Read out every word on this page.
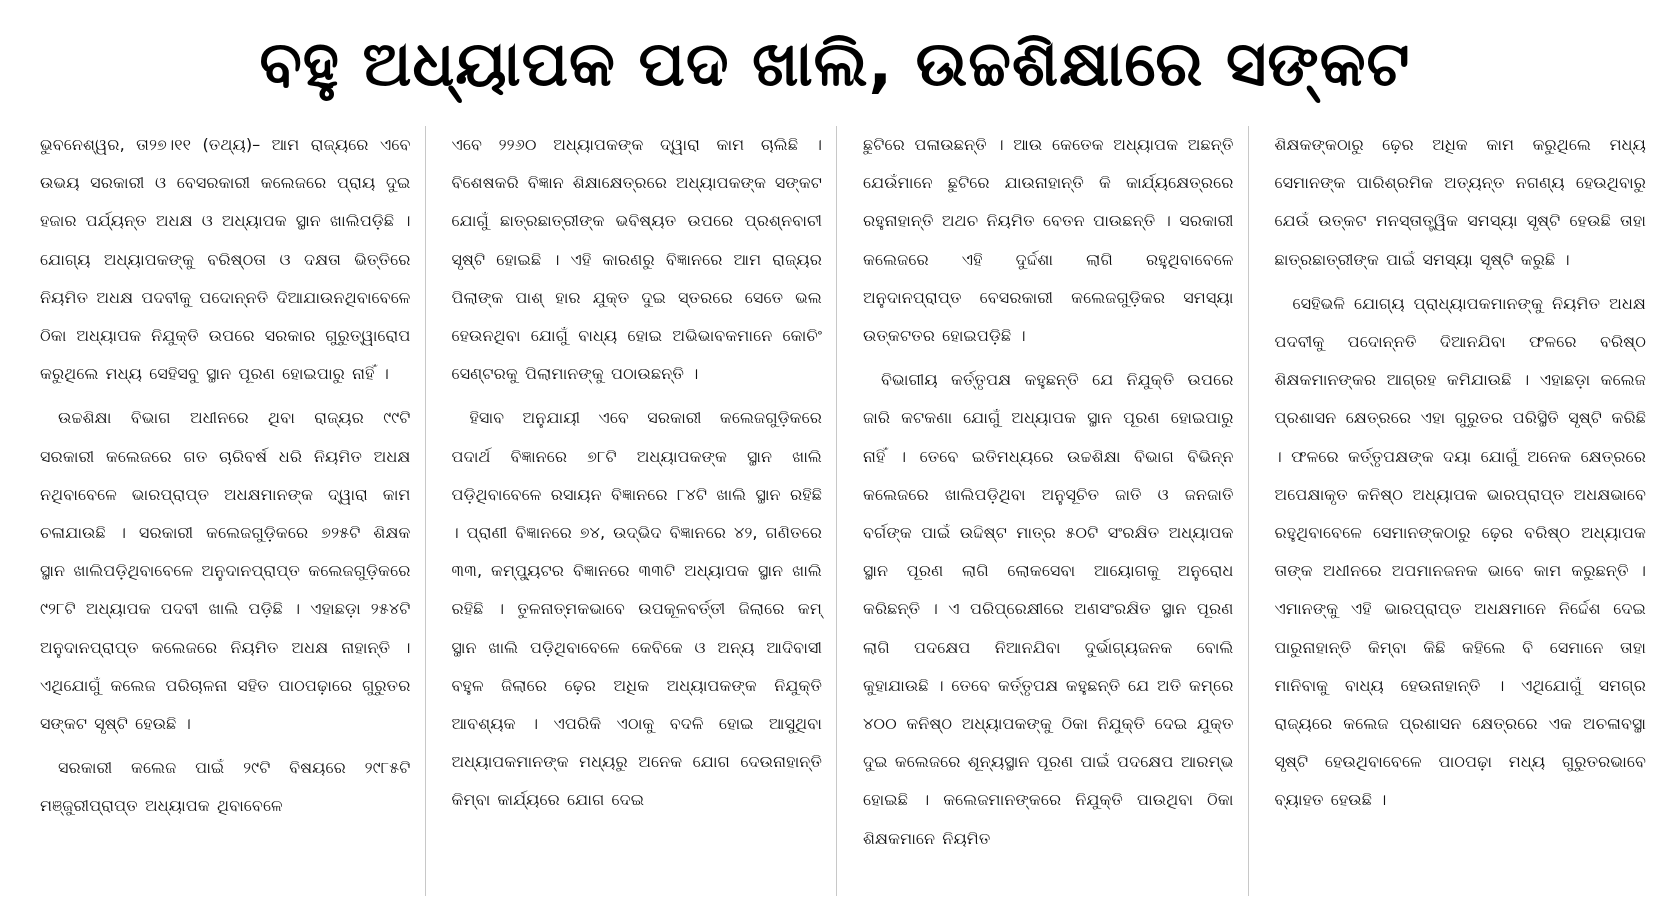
ବହୁ ଅଧ୍ୟାପକ ପଦ ଖାଲି, ଉଚ୍ଚଶିକ୍ଷାରେ ସଙ୍କଟ

ଭୁବନେଶ୍ୱର, ତା୨୭।୧୧ (ତଥ୍ୟ)– ଆମ ରାଜ୍ୟରେ ଏବେ ଉଭୟ ସରକାରୀ ଓ ବେସରକାରୀ କଲେଜରେ ପ୍ରାୟ ଦୁଇ ହଜାର ପର୍ଯ୍ୟନ୍ତ ଅଧକ୍ଷ ଓ ଅଧ୍ୟାପକ ସ୍ଥାନ ଖାଲିପଡ଼ିଛି । ଯୋଗ୍ୟ ଅଧ୍ୟାପକଙ୍କୁ ବରିଷ୍ଠତା ଓ ଦକ୍ଷତା ଭିତ୍ତିରେ ନିୟମିତ ଅଧକ୍ଷ ପଦବୀକୁ ପଦୋନ୍ନତି ଦିଆଯାଉନଥିବାବେଳେ ଠିକା ଅଧ୍ୟାପକ ନିଯୁକ୍ତି ଉପରେ ସରକାର ଗୁରୁତ୍ୱାରୋପ କରୁଥିଲେ ମଧ୍ୟ ସେହିସବୁ ସ୍ଥାନ ପୂରଣ ହୋଇପାରୁ ନାହିଁ ।

ଉଚ୍ଚଶିକ୍ଷା ବିଭାଗ ଅଧୀନରେ ଥିବା ରାଜ୍ୟର ୯୯ଟି ସରକାରୀ କଲେଜରେ ଗତ ଚାରିବର୍ଷ ଧରି ନିୟମିତ ଅଧକ୍ଷ ନଥିବାବେଳେ ଭାରପ୍ରାପ୍ତ ଅଧକ୍ଷମାନଙ୍କ ଦ୍ୱାରା କାମ ଚଳାଯାଉଛି । ସରକାରୀ କଲେଜଗୁଡ଼ିକରେ ୭୨୫ଟି ଶିକ୍ଷକ ସ୍ଥାନ ଖାଲିପଡ଼ିଥିବାବେଳେ ଅନୁଦାନପ୍ରାପ୍ତ କଲେଜଗୁଡ଼ିକରେ ୯୨୮ଟି ଅଧ୍ୟାପକ ପଦବୀ ଖାଲି ପଡ଼ିଛି । ଏହାଛଡ଼ା ୨୫୪ଟି ଅନୁଦାନପ୍ରାପ୍ତ କଲେଜରେ ନିୟମିତ ଅଧକ୍ଷ ନାହାନ୍ତି । ଏଥିଯୋଗୁଁ କଲେଜ ପରିଚାଳନା ସହିତ ପାଠପଢ଼ାରେ ଗୁରୁତର ସଙ୍କଟ ସୃଷ୍ଟି ହେଉଛି ।

ସରକାରୀ କଲେଜ ପାଇଁ ୨୯ଟି ବିଷୟରେ ୨୯୮୫ଟି ମଞ୍ଜୁରୀପ୍ରାପ୍ତ ଅଧ୍ୟାପକ ଥିବାବେଳେ

ଏବେ ୨୨୬୦ ଅଧ୍ୟାପକଙ୍କ ଦ୍ୱାରା କାମ ଚାଲିଛି । ବିଶେଷକରି ବିଜ୍ଞାନ ଶିକ୍ଷାକ୍ଷେତ୍ରରେ ଅଧ୍ୟାପକଙ୍କ ସଙ୍କଟ ଯୋଗୁଁ ଛାତ୍ରଛାତ୍ରୀଙ୍କ ଭବିଷ୍ୟତ ଉପରେ ପ୍ରଶ୍ନବାଚୀ ସୃଷ୍ଟି ହୋଇଛି । ଏହି କାରଣରୁ ବିଜ୍ଞାନରେ ଆମ ରାଜ୍ୟର ପିଲାଙ୍କ ପାଶ୍ ହାର ଯୁକ୍ତ ଦୁଇ ସ୍ତରରେ ସେତେ ଭଲ ହେଉନଥିବା ଯୋଗୁଁ ବାଧ୍ୟ ହୋଇ ଅଭିଭାବକମାନେ କୋଚିଂ ସେଣ୍ଟରକୁ ପିଲାମାନଙ୍କୁ ପଠାଉଛନ୍ତି ।

ହିସାବ ଅନୁଯାୟୀ ଏବେ ସରକାରୀ କଲେଜଗୁଡ଼ିକରେ ପଦାର୍ଥ ବିଜ୍ଞାନରେ ୭୮ଟି ଅଧ୍ୟାପକଙ୍କ ସ୍ଥାନ ଖାଲି ପଡ଼ିଥିବାବେଳେ ରସାୟନ ବିଜ୍ଞାନରେ ୮୪ଟି ଖାଲି ସ୍ଥାନ ରହିଛି । ପ୍ରାଣୀ ବିଜ୍ଞାନରେ ୭୪, ଉଦ୍ଭିଦ ବିଜ୍ଞାନରେ ୪୨, ଗଣିତରେ ୩୩, କମ୍ପ୍ୟୁଟର ବିଜ୍ଞାନରେ ୩୩ଟି ଅଧ୍ୟାପକ ସ୍ଥାନ ଖାଲି ରହିଛି । ତୁଳନାତ୍ମକଭାବେ ଉପକୂଳବର୍ତ୍ତୀ ଜିଲାରେ କମ୍ ସ୍ଥାନ ଖାଲି ପଡ଼ିଥିବାବେଳେ କେବିକେ ଓ ଅନ୍ୟ ଆଦିବାସୀ ବହୁଳ ଜିଲାରେ ଢ଼େର ଅଧିକ ଅଧ୍ୟାପକଙ୍କ ନିଯୁକ୍ତି ଆବଶ୍ୟକ । ଏପରିକି ଏଠାକୁ ବଦଳି ହୋଇ ଆସୁଥିବା ଅଧ୍ୟାପକମାନଙ୍କ ମଧ୍ୟରୁ ଅନେକ ଯୋଗ ଦେଉନାହାନ୍ତି କିମ୍ବା କାର୍ଯ୍ୟରେ ଯୋଗ ଦେଇ

ଛୁଟିରେ ପଳାଉଛନ୍ତି । ଆଉ କେତେକ ଅଧ୍ୟାପକ ଅଛନ୍ତି ଯେଉଁମାନେ ଛୁଟିରେ ଯାଉନାହାନ୍ତି କି କାର୍ଯ୍ୟକ୍ଷେତ୍ରରେ ରହୁନାହାନ୍ତି ଅଥଚ ନିୟମିତ ବେତନ ପାଉଛନ୍ତି । ସରକାରୀ କଲେଜରେ ଏହି ଦୁର୍ଦ୍ଦଶା ଲାଗି ରହୁଥିବାବେଳେ ଅନୁଦାନପ୍ରାପ୍ତ ବେସରକାରୀ କଲେଜଗୁଡ଼ିକର ସମସ୍ୟା ଉତ୍କଟତର ହୋଇପଡ଼ିଛି ।

ବିଭାଗୀୟ କର୍ତ୍ତୃପକ୍ଷ କହୁଛନ୍ତି ଯେ ନିଯୁକ୍ତି ଉପରେ ଜାରି କଟକଣା ଯୋଗୁଁ ଅଧ୍ୟାପକ ସ୍ଥାନ ପୂରଣ ହୋଇପାରୁ ନାହିଁ । ତେବେ ଇତିମଧ୍ୟରେ ଉଚ୍ଚଶିକ୍ଷା ବିଭାଗ ବିଭିନ୍ନ କଲେଜରେ ଖାଲିପଡ଼ିଥିବା ଅନୁସୂଚିତ ଜାତି ଓ ଜନଜାତି ବର୍ଗଙ୍କ ପାଇଁ ଉଦ୍ଦିଷ୍ଟ ମାତ୍ର ୫୦ଟି ସଂରକ୍ଷିତ ଅଧ୍ୟାପକ ସ୍ଥାନ ପୂରଣ ଲାଗି ଲୋକସେବା ଆୟୋଗକୁ ଅନୁରୋଧ କରିଛନ୍ତି । ଏ ପରିପ୍ରେକ୍ଷୀରେ ଅଣସଂରକ୍ଷିତ ସ୍ଥାନ ପୂରଣ ଲାଗି ପଦକ୍ଷେପ ନିଆନଯିବା ଦୁର୍ଭାଗ୍ୟଜନକ ବୋଲି କୁହାଯାଉଛି । ତେବେ କର୍ତ୍ତୃପକ୍ଷ କହୁଛନ୍ତି ଯେ ଅତି କମ୍‌ରେ ୪୦୦ କନିଷ୍ଠ ଅଧ୍ୟାପକଙ୍କୁ ଠିକା ନିଯୁକ୍ତି ଦେଇ ଯୁକ୍ତ ଦୁଇ କଲେଜରେ ଶୂନ୍ୟସ୍ଥାନ ପୂରଣ ପାଇଁ ପଦକ୍ଷେପ ଆରମ୍ଭ ହୋଇଛି । କଲେଜମାନଙ୍କରେ ନିଯୁକ୍ତି ପାଉଥିବା ଠିକା ଶିକ୍ଷକମାନେ ନିୟମିତ

ଶିକ୍ଷକଙ୍କଠାରୁ ଢ଼େର ଅଧିକ କାମ କରୁଥିଲେ ମଧ୍ୟ ସେମାନଙ୍କ ପାରିଶ୍ରମିକ ଅତ୍ୟନ୍ତ ନଗଣ୍ୟ ହେଉଥିବାରୁ ଯେଉଁ ଉତ୍କଟ ମନସ୍ତାତ୍ତ୍ୱିକ ସମସ୍ୟା ସୃଷ୍ଟି ହେଉଛି ତାହା ଛାତ୍ରଛାତ୍ରୀଙ୍କ ପାଇଁ ସମସ୍ୟା ସୃଷ୍ଟି କରୁଛି ।

ସେହିଭଳି ଯୋଗ୍ୟ ପ୍ରାଧ୍ୟାପକମାନଙ୍କୁ ନିୟମିତ ଅଧକ୍ଷ ପଦବୀକୁ ପଦୋନ୍ନତି ଦିଆନଯିବା ଫଳରେ ବରିଷ୍ଠ ଶିକ୍ଷକମାନଙ୍କର ଆଗ୍ରହ କମିଯାଉଛି । ଏହାଛଡ଼ା କଲେଜ ପ୍ରଶାସନ କ୍ଷେତ୍ରରେ ଏହା ଗୁରୁତର ପରିସ୍ଥିତି ସୃଷ୍ଟି କରିଛି । ଫଳରେ କର୍ତ୍ତୃପକ୍ଷଙ୍କ ଦୟା ଯୋଗୁଁ ଅନେକ କ୍ଷେତ୍ରରେ ଅପେକ୍ଷାକୃତ କନିଷ୍ଠ ଅଧ୍ୟାପକ ଭାରପ୍ରାପ୍ତ ଅଧକ୍ଷଭାବେ ରହୁଥିବାବେଳେ ସେମାନଙ୍କଠାରୁ ଢ଼େର ବରିଷ୍ଠ ଅଧ୍ୟାପକ ତାଙ୍କ ଅଧୀନରେ ଅପମାନଜନକ ଭାବେ କାମ କରୁଛନ୍ତି । ଏମାନଙ୍କୁ ଏହି ଭାରପ୍ରାପ୍ତ ଅଧକ୍ଷମାନେ ନିର୍ଦ୍ଦେଶ ଦେଇ ପାରୁନାହାନ୍ତି କିମ୍ବା କିଛି କହିଲେ ବି ସେମାନେ ତାହା ମାନିବାକୁ ବାଧ୍ୟ ହେଉନାହାନ୍ତି । ଏଥିଯୋଗୁଁ ସମଗ୍ର ରାଜ୍ୟରେ କଲେଜ ପ୍ରଶାସନ କ୍ଷେତ୍ରରେ ଏକ ଅଚଳାବସ୍ଥା ସୃଷ୍ଟି ହେଉଥିବାବେଳେ ପାଠପଢ଼ା ମଧ୍ୟ ଗୁରୁତରଭାବେ ବ୍ୟାହତ ହେଉଛି ।
